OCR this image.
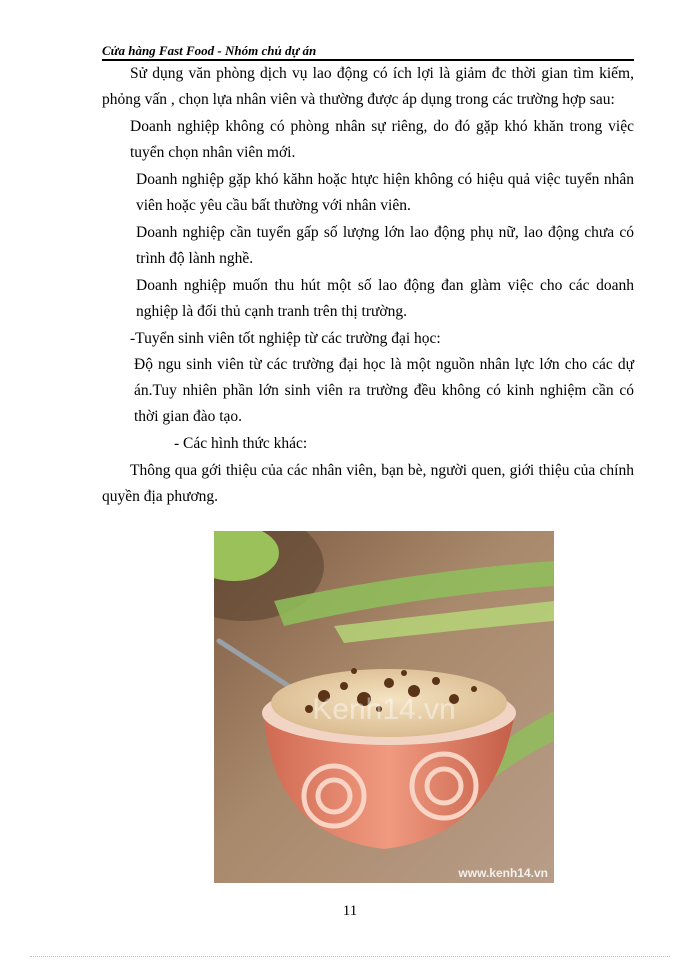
Cửa hàng Fast Food - Nhóm chủ dự án

Sử dụng văn phòng dịch vụ lao động có ích lợi là giảm đc thời gian tìm kiếm, phỏng vấn , chọn lựa nhân viên và thường được áp dụng trong các trường hợp sau:

Doanh nghiệp không có phòng nhân sự riêng, do đó gặp khó khăn trong việc tuyển chọn nhân viên mới.

Doanh nghiệp gặp khó kăhn hoặc htực hiện không có hiệu quả việc tuyển nhân viên hoặc yêu cầu bất thường với nhân viên.

Doanh nghiệp cần tuyển gấp số lượng lớn lao động phụ nữ, lao động chưa có trình độ lành nghề.

Doanh nghiệp muốn thu hút một số lao động đan glàm việc cho các doanh nghiệp là đối thủ cạnh tranh trên thị trường.

-Tuyển sinh viên tốt nghiệp từ các trường đại học:

Độ ngu sinh viên từ các trường đại học là một nguồn nhân lực lớn cho các dự án.Tuy nhiên phần lớn sinh viên ra trường đều không có kinh nghiệm cần có thời gian đào tạo.

- Các hình thức khác:

Thông qua gới thiệu của các nhân viên, bạn bè, người quen, giới thiệu của chính quyền địa phương.

Kenh14.vn
www.kenh14.vn
11
